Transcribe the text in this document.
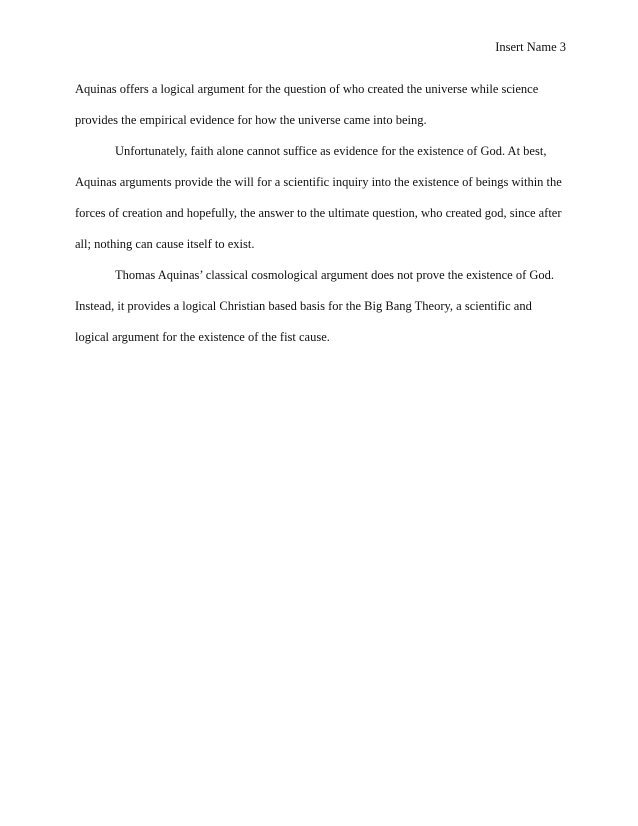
Insert Name 3

Aquinas offers a logical argument for the question of who created the universe while science
provides the empirical evidence for how the universe came into being.

Unfortunately, faith alone cannot suffice as evidence for the existence of God. At best,
Aquinas arguments provide the will for a scientific inquiry into the existence of beings within the
forces of creation and hopefully, the answer to the ultimate question, who created god, since after
all; nothing can cause itself to exist.

Thomas Aquinas’ classical cosmological argument does not prove the existence of God.
Instead, it provides a logical Christian based basis for the Big Bang Theory, a scientific and
logical argument for the existence of the fist cause.
